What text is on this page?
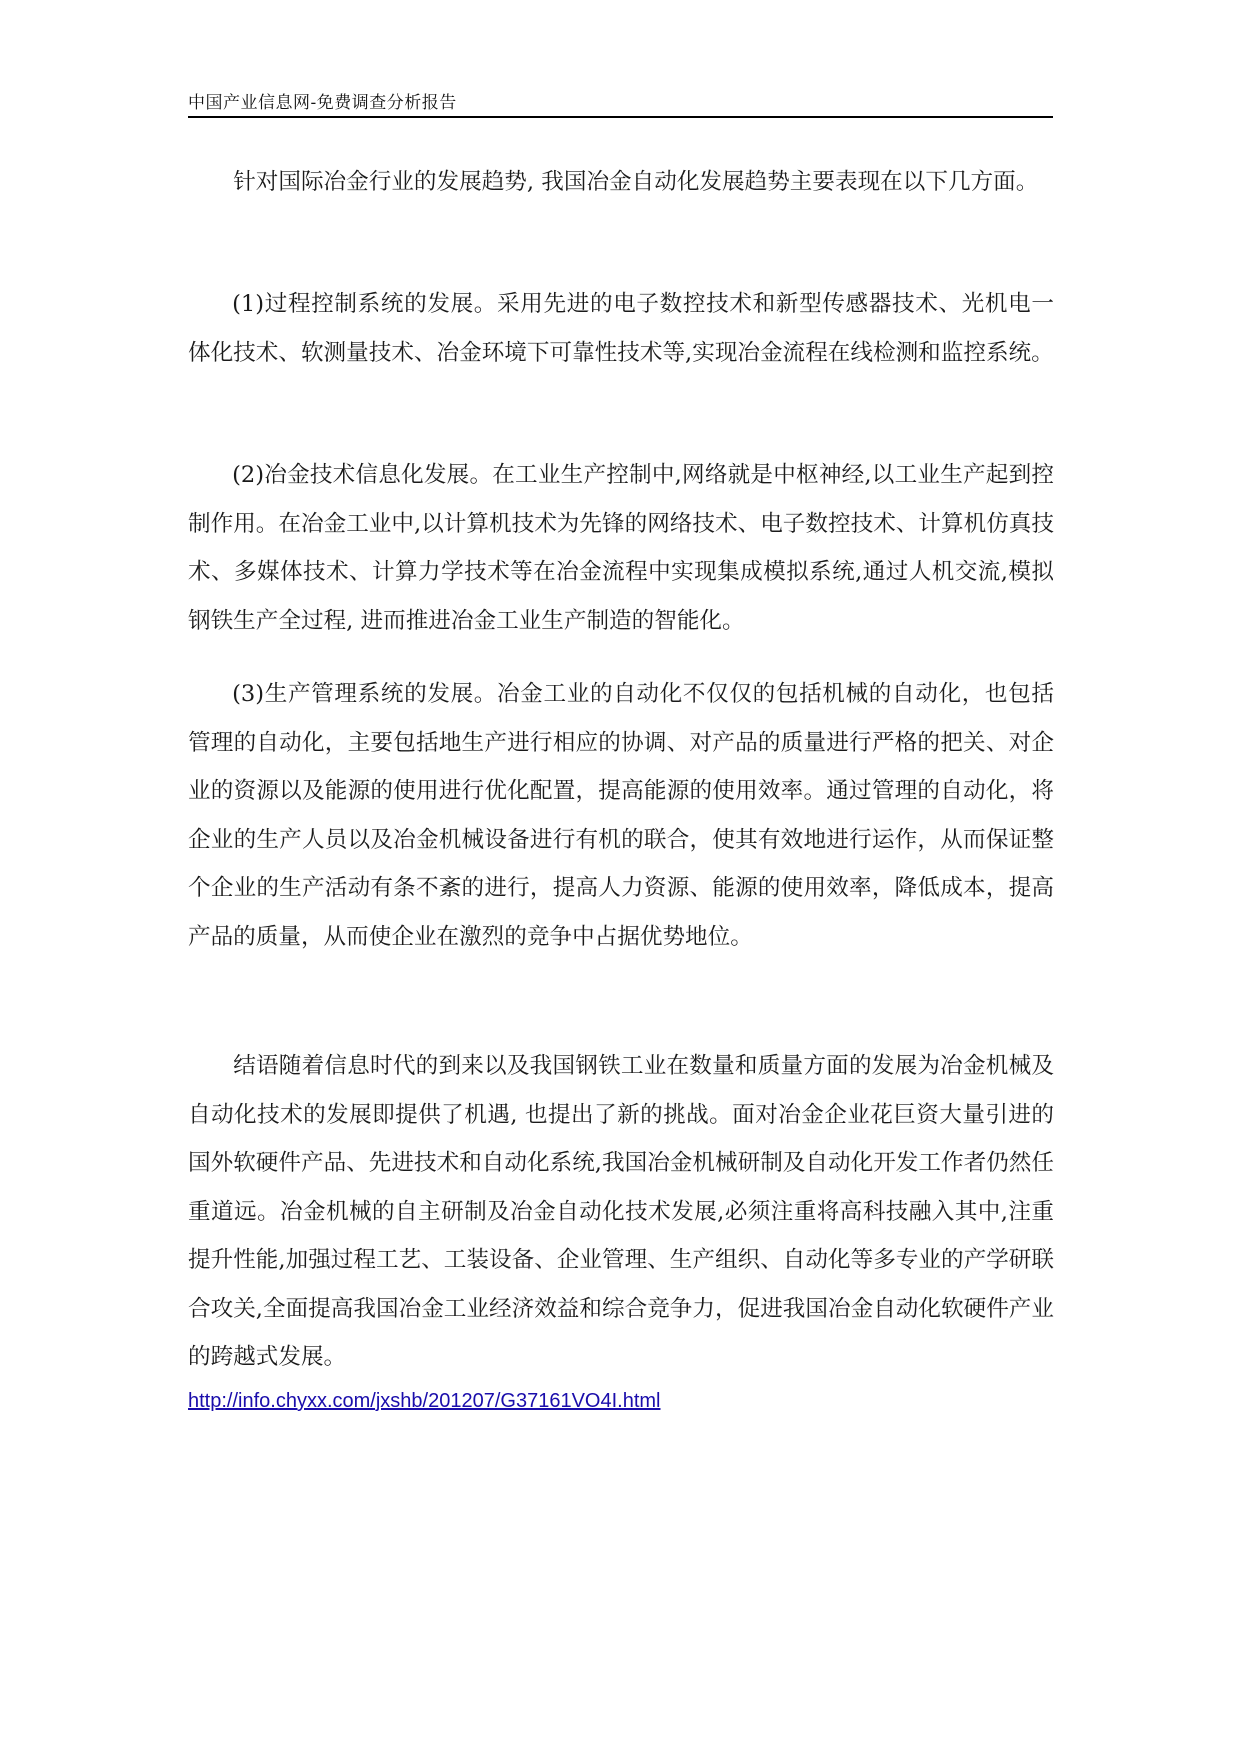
中国产业信息网-免费调查分析报告

针对国际冶金行业的发展趋势, 我国冶金自动化发展趋势主要表现在以下几方面。

(1)过程控制系统的发展。采用先进的电子数控技术和新型传感器技术、光机电一体化技术、软测量技术、冶金环境下可靠性技术等,实现冶金流程在线检测和监控系统。

(2)冶金技术信息化发展。在工业生产控制中,网络就是中枢神经,以工业生产起到控制作用。在冶金工业中,以计算机技术为先锋的网络技术、电子数控技术、计算机仿真技术、多媒体技术、计算力学技术等在冶金流程中实现集成模拟系统,通过人机交流,模拟钢铁生产全过程, 进而推进冶金工业生产制造的智能化。

(3)生产管理系统的发展。冶金工业的自动化不仅仅的包括机械的自动化，也包括管理的自动化，主要包括地生产进行相应的协调、对产品的质量进行严格的把关、对企业的资源以及能源的使用进行优化配置，提高能源的使用效率。通过管理的自动化，将企业的生产人员以及冶金机械设备进行有机的联合，使其有效地进行运作，从而保证整个企业的生产活动有条不紊的进行，提高人力资源、能源的使用效率，降低成本，提高产品的质量，从而使企业在激烈的竞争中占据优势地位。

结语随着信息时代的到来以及我国钢铁工业在数量和质量方面的发展为冶金机械及自动化技术的发展即提供了机遇, 也提出了新的挑战。面对冶金企业花巨资大量引进的国外软硬件产品、先进技术和自动化系统,我国冶金机械研制及自动化开发工作者仍然任重道远。冶金机械的自主研制及冶金自动化技术发展,必须注重将高科技融入其中,注重提升性能,加强过程工艺、工装设备、企业管理、生产组织、自动化等多专业的产学研联合攻关,全面提高我国冶金工业经济效益和综合竞争力，促进我国冶金自动化软硬件产业的跨越式发展。

http://info.chyxx.com/jxshb/201207/G37161VO4I.html
